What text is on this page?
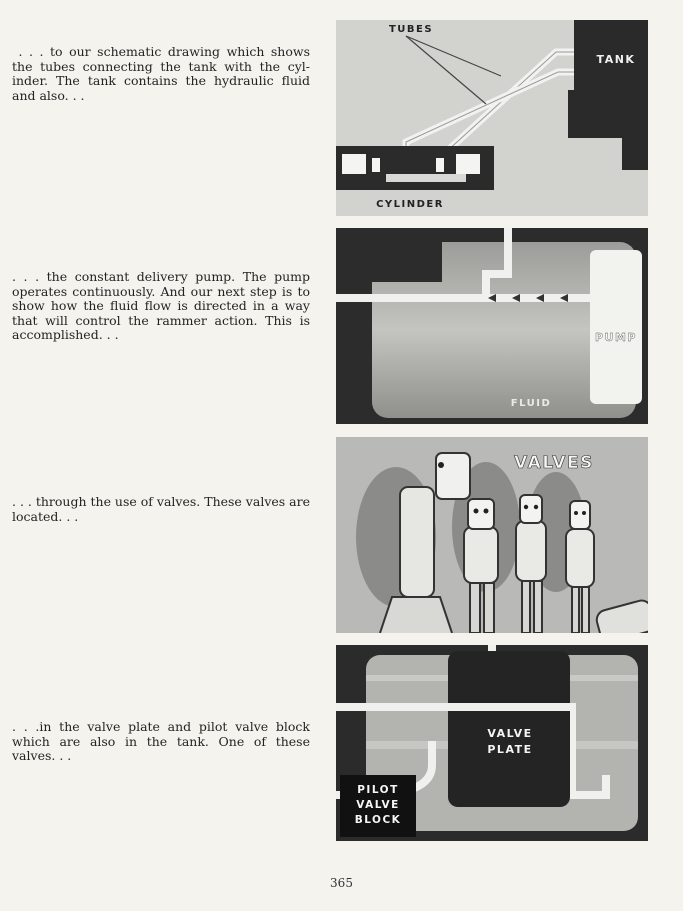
. . . to our schematic drawing which shows the tubes connecting the tank with the cyl- inder. The tank contains the hydraulic fluid and also. . .

. . . the constant delivery pump. The pump operates continuously. And our next step is to show how the fluid flow is directed in a way that will control the rammer action. This is accomplished. . .

. . . through the use of valves. These valves are located. . .

. . .in the valve plate and pilot valve block which are also in the tank. One of these valves. . .

TANK
TUBES
CYLINDER
PUMP
FLUID
VALVES
VALVE
PLATE
PILOT
VALVE
BLOCK
365
